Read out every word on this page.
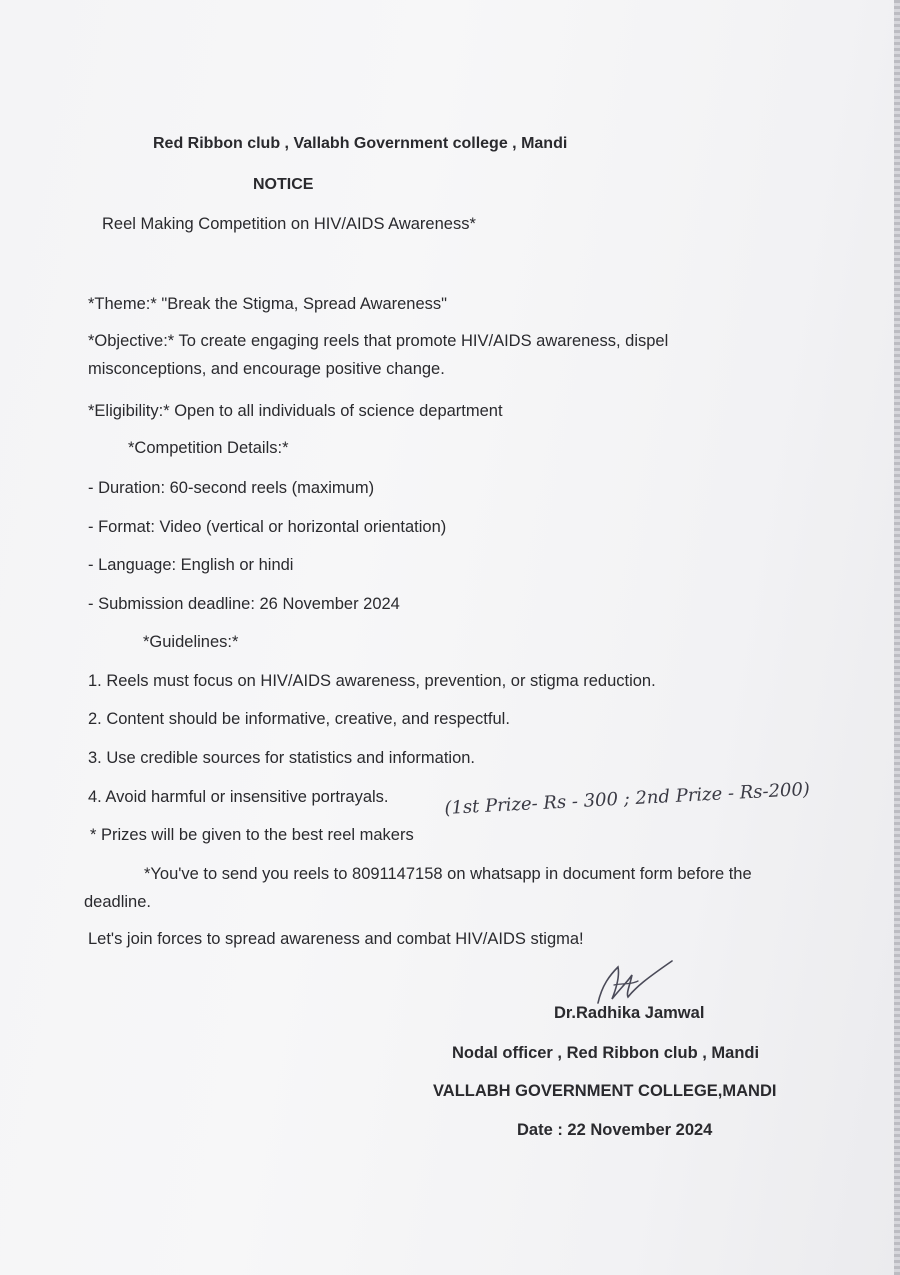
Red Ribbon club , Vallabh Government college , Mandi
NOTICE
Reel Making Competition on HIV/AIDS Awareness*
*Theme:* "Break the Stigma, Spread Awareness"
*Objective:* To create engaging reels that promote HIV/AIDS awareness, dispel misconceptions, and encourage positive change.
*Eligibility:* Open to all individuals of science department
*Competition Details:*
- Duration: 60-second reels (maximum)
- Format: Video (vertical or horizontal orientation)
- Language: English or hindi
- Submission deadline: 26 November 2024
*Guidelines:*
1. Reels must focus on HIV/AIDS awareness, prevention, or stigma reduction.
2. Content should be informative, creative, and respectful.
3. Use credible sources for statistics and information.
4. Avoid harmful or insensitive portrayals.
* Prizes will be given to the best reel makers
(1st Prize- Rs - 300 ; 2nd Prize - Rs-200)
*You've to send you reels to 8091147158 on whatsapp in document form before the deadline.
Let's join forces to spread awareness and combat HIV/AIDS stigma!
Dr.Radhika Jamwal
Nodal officer , Red Ribbon club , Mandi
VALLABH GOVERNMENT COLLEGE,MANDI
Date : 22 November 2024
